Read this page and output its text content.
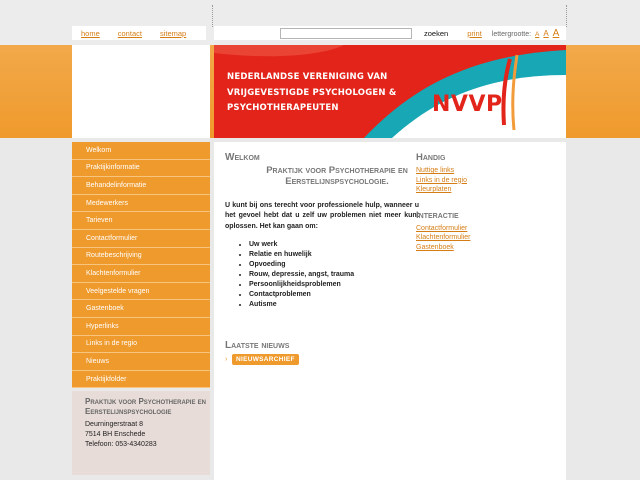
home contact sitemap	zoeken	print lettergrootte: A A A
NEDERLANDSE VERENIGING VAN
VRIJGEVESTIGDE PSYCHOLOGEN &
PSYCHOTHERAPEUTEN	NVVP
Welkom
Praktijkinformatie
Behandelinformatie
Medewerkers
Tarieven
Contactformulier
Routebeschrijving
Klachtenformulier
Veelgestelde vragen
Gastenboek
Hyperlinks
Links in de regio
Nieuws
Praktijkfolder
Praktijk voor Psychotherapie en Eerstelijnspsychologie
Deurningerstraat 8
7514 BH Enschede
Telefoon: 053-4340283
Welkom
Praktijk voor Psychotherapie en Eerstelijnspsychologie.

U kunt bij ons terecht voor professionele hulp, wanneer u het gevoel hebt dat u zelf uw problemen niet meer kunt oplossen. Het kan gaan om:

• Uw werk
• Relatie en huwelijk
• Opvoeding
• Rouw, depressie, angst, trauma
• Persoonlijkheidsproblemen
• Contactproblemen
• Autisme
Laatste nieuws
›	NIEUWSARCHIEF
Handig
Nuttige links
Links in de regio
Kleurplaten
Interactie
Contactformulier
Klachtenformulier
Gastenboek
